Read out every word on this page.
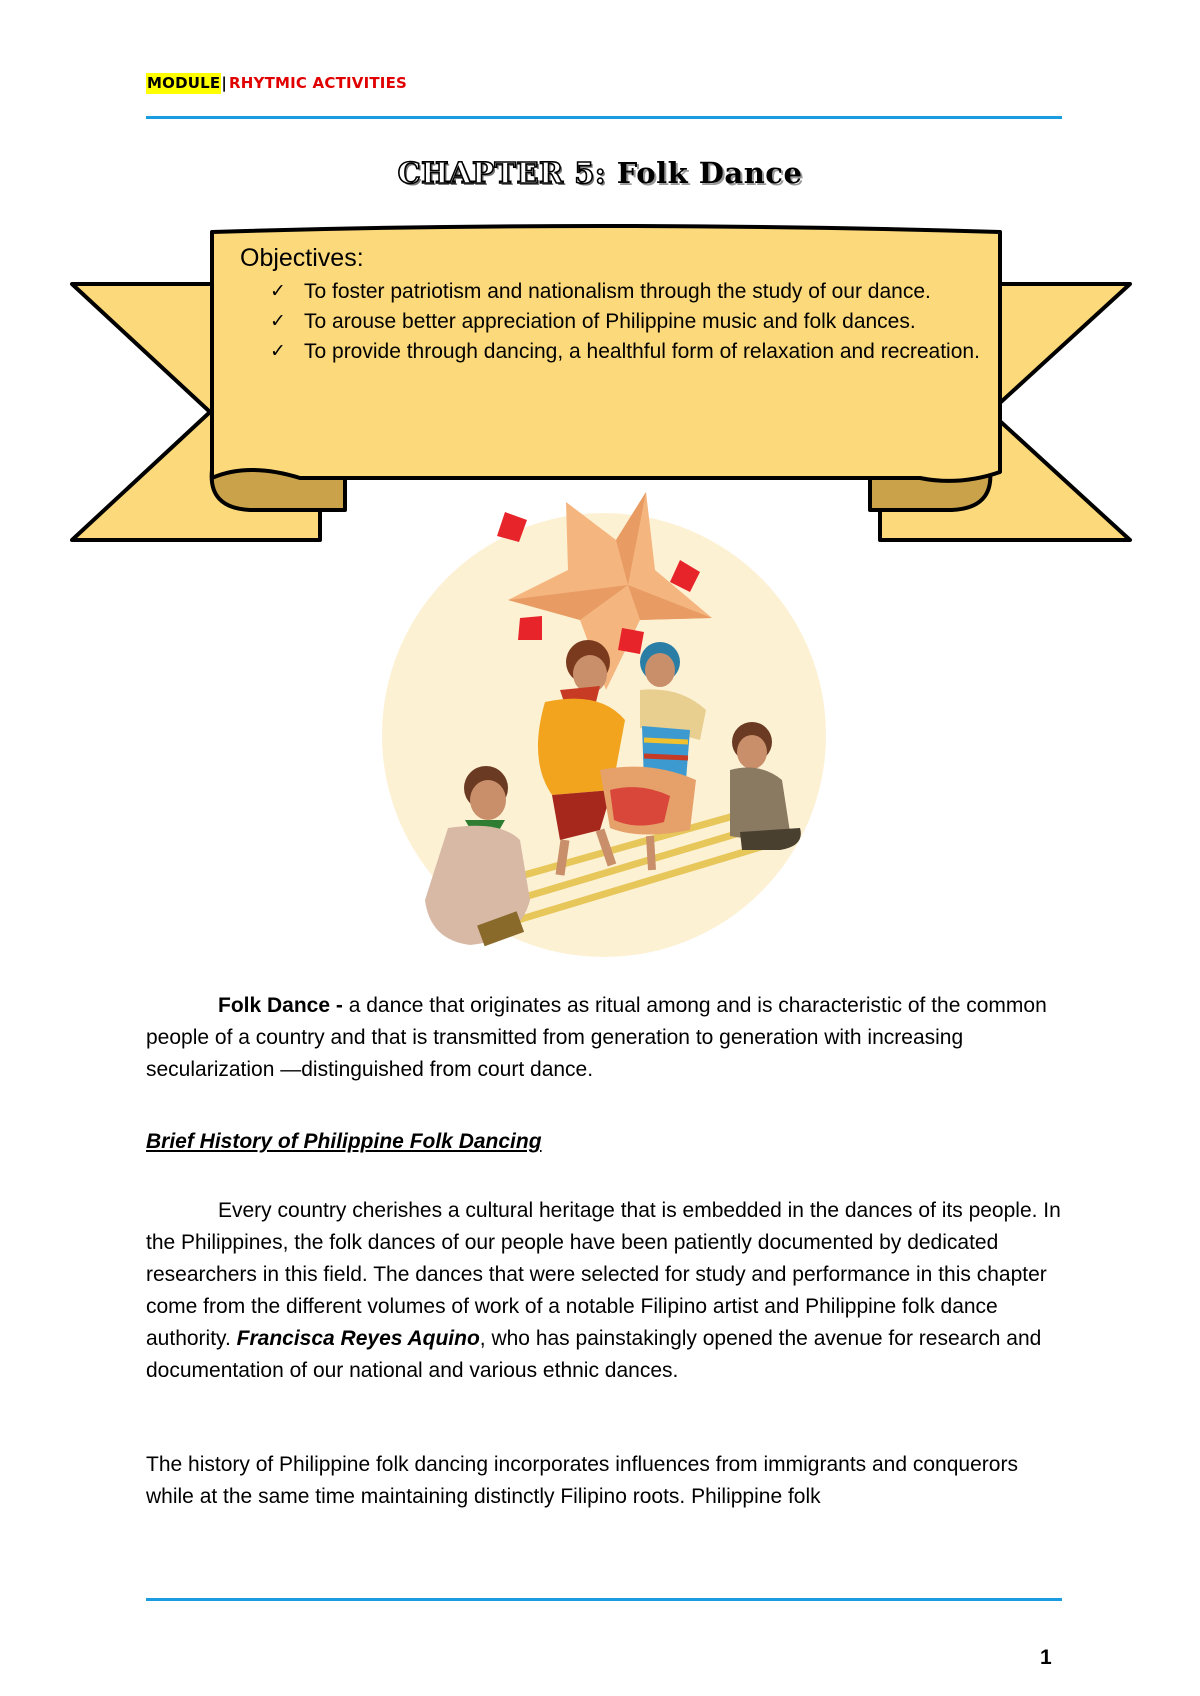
MODULE| RHYTMIC ACTIVITIES
CHAPTER 5: Folk Dance
Objectives:
✓ To foster patriotism and nationalism through the study of our dance.
✓ To arouse better appreciation of Philippine music and folk dances.
✓ To provide through dancing, a healthful form of relaxation and recreation.

Folk Dance - a dance that originates as ritual among and is characteristic of the common people of a country and that is transmitted from generation to generation with increasing secularization —distinguished from court dance.

Brief History of Philippine Folk Dancing

Every country cherishes a cultural heritage that is embedded in the dances of its people. In the Philippines, the folk dances of our people have been patiently documented by dedicated researchers in this field. The dances that were selected for study and performance in this chapter come from the different volumes of work of a notable Filipino artist and Philippine folk dance authority. Francisca Reyes Aquino, who has painstakingly opened the avenue for research and documentation of our national and various ethnic dances.

The history of Philippine folk dancing incorporates influences from immigrants and conquerors while at the same time maintaining distinctly Filipino roots. Philippine folk

1
